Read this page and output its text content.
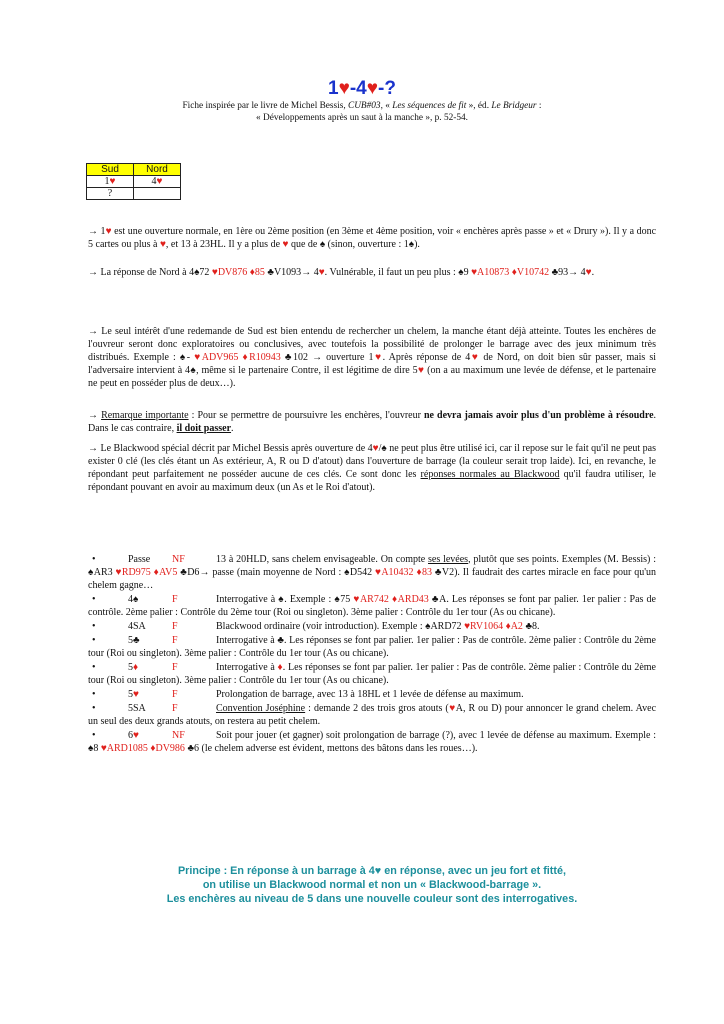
1♥-4♥-?
Fiche inspirée par le livre de Michel Bessis, CUB#03, « Les séquences de fit », éd. Le Bridgeur :
« Développements après un saut à la manche », p. 52-54.
Sud	Nord
1♥	4♥
?	

→ 1♥ est une ouverture normale, en 1ère ou 2ème position (en 3ème et 4ème position, voir « enchères après passe » et « Drury »). Il y a donc 5 cartes ou plus à ♥, et 13 à 23HL. Il y a plus de ♥ que de ♠ (sinon, ouverture : 1♠).

→ La réponse de Nord à 4♠72 ♥DV876 ♦85 ♣V1093→ 4♥. Vulnérable, il faut un peu plus : ♠9 ♥A10873 ♦V10742 ♣93→ 4♥.

→ Le seul intérêt d'une redemande de Sud est bien entendu de rechercher un chelem, la manche étant déjà atteinte. Toutes les enchères de l'ouvreur seront donc exploratoires ou conclusives, avec toutefois la possibilité de prolonger le barrage avec des jeux minimum très distribués. Exemple : ♠- ♥ADV965 ♦R10943 ♣102 → ouverture 1♥. Après réponse de 4♥ de Nord, on doit bien sûr passer, mais si l'adversaire intervient à 4♠, même si le partenaire Contre, il est légitime de dire 5♥ (on a au maximum une levée de défense, et le partenaire ne peut en posséder plus de deux…).

→ Remarque importante : Pour se permettre de poursuivre les enchères, l'ouvreur ne devra jamais avoir plus d'un problème à résoudre. Dans le cas contraire, il doit passer.

→ Le Blackwood spécial décrit par Michel Bessis après ouverture de 4♥/♠ ne peut plus être utilisé ici, car il repose sur le fait qu'il ne peut pas exister 0 clé (les clés étant un As extérieur, A, R ou D d'atout) dans l'ouverture de barrage (la couleur serait trop laide). Ici, en revanche, le répondant peut parfaitement ne posséder aucune de ces clés. Ce sont donc les réponses normales au Blackwood qu'il faudra utiliser, le répondant pouvant en avoir au maximum deux (un As et le Roi d'atout).

•	Passe NF	13 à 20HLD, sans chelem envisageable. On compte ses levées, plutôt que ses points. Exemples (M. Bessis) : ♠AR3 ♥RD975 ♦AV5 ♣D6→ passe (main moyenne de Nord : ♠D542 ♥A10432 ♦83 ♣V2). Il faudrait des cartes miracle en face pour qu'un chelem gagne…
•	4♠	F	Interrogative à ♠. Exemple : ♠75 ♥AR742 ♦ARD43 ♣A. Les réponses se font par palier. 1er palier : Pas de contrôle. 2ème palier : Contrôle du 2ème tour (Roi ou singleton). 3ème palier : Contrôle du 1er tour (As ou chicane).
•	4SA	F	Blackwood ordinaire (voir introduction). Exemple : ♠ARD72 ♥RV1064 ♦A2 ♣8.
•	5♣	F	Interrogative à ♣. Les réponses se font par palier. 1er palier : Pas de contrôle. 2ème palier : Contrôle du 2ème tour (Roi ou singleton). 3ème palier : Contrôle du 1er tour (As ou chicane).
•	5♦	F	Interrogative à ♦. Les réponses se font par palier. 1er palier : Pas de contrôle. 2ème palier : Contrôle du 2ème tour (Roi ou singleton). 3ème palier : Contrôle du 1er tour (As ou chicane).
•	5♥	F	Prolongation de barrage, avec 13 à 18HL et 1 levée de défense au maximum.
•	5SA	F	Convention Joséphine : demande 2 des trois gros atouts (♥A, R ou D) pour annoncer le grand chelem. Avec un seul des deux grands atouts, on restera au petit chelem.
•	6♥	NF	Soit pour jouer (et gagner) soit prolongation de barrage (?), avec 1 levée de défense au maximum. Exemple : ♠8 ♥ARD1085 ♦DV986 ♣6 (le chelem adverse est évident, mettons des bâtons dans les roues…).
Principe : En réponse à un barrage à 4♥ en réponse, avec un jeu fort et fitté,
on utilise un Blackwood normal et non un « Blackwood-barrage ».
Les enchères au niveau de 5 dans une nouvelle couleur sont des interrogatives.
